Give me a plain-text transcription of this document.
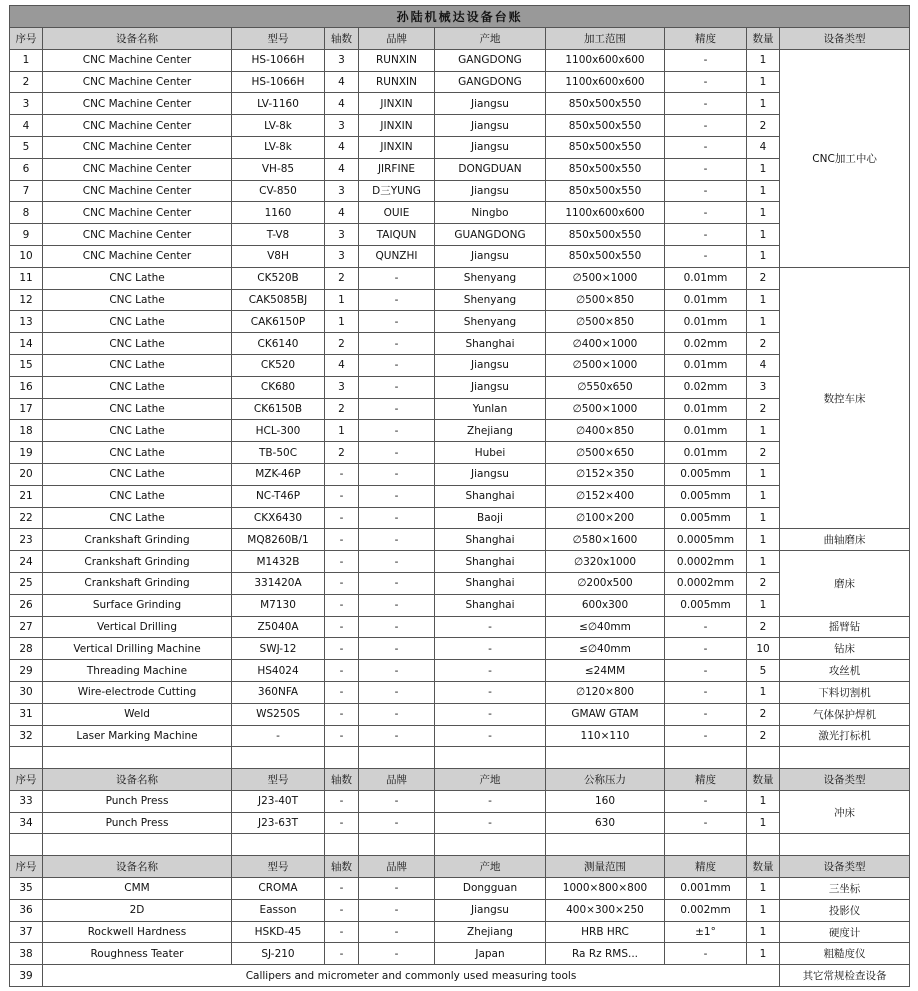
孙陆机械达设备台账									
序号	设备名称	型号	轴数	品牌	产地	加工范围	精度	数量	设备类型
1	CNC Machine Center	HS-1066H	3	RUNXIN	GANGDONG	1100x600x600	-	1	CNC加工中心
2	CNC Machine Center	HS-1066H	4	RUNXIN	GANGDONG	1100x600x600	-	1	
3	CNC Machine Center	LV-1160	4	JINXIN	Jiangsu	850x500x550	-	1	
4	CNC Machine Center	LV-8k	3	JINXIN	Jiangsu	850x500x550	-	2	
5	CNC Machine Center	LV-8k	4	JINXIN	Jiangsu	850x500x550	-	4	
6	CNC Machine Center	VH-85	4	JIRFINE	DONGDUAN	850x500x550	-	1	
7	CNC Machine Center	CV-850	3	D三YUNG	Jiangsu	850x500x550	-	1	
8	CNC Machine Center	1160	4	OUIE	Ningbo	1100x600x600	-	1	
9	CNC Machine Center	T-V8	3	TAIQUN	GUANGDONG	850x500x550	-	1	
10	CNC Machine Center	V8H	3	QUNZHI	Jiangsu	850x500x550	-	1	
11	CNC Lathe	CK520B	2	-	Shenyang	∅500×1000	0.01mm	2	数控车床
12	CNC Lathe	CAK5085BJ	1	-	Shenyang	∅500×850	0.01mm	1	
13	CNC Lathe	CAK6150P	1	-	Shenyang	∅500×850	0.01mm	1	
14	CNC Lathe	CK6140	2	-	Shanghai	∅400×1000	0.02mm	2	
15	CNC Lathe	CK520	4	-	Jiangsu	∅500×1000	0.01mm	4	
16	CNC Lathe	CK680	3	-	Jiangsu	∅550x650	0.02mm	3	
17	CNC Lathe	CK6150B	2	-	Yunlan	∅500×1000	0.01mm	2	
18	CNC Lathe	HCL-300	1	-	Zhejiang	∅400×850	0.01mm	1	
19	CNC Lathe	TB-50C	2	-	Hubei	∅500×650	0.01mm	2	
20	CNC Lathe	MZK-46P	-	-	Jiangsu	∅152×350	0.005mm	1	
21	CNC Lathe	NC-T46P	-	-	Shanghai	∅152×400	0.005mm	1	
22	CNC Lathe	CKX6430	-	-	Baoji	∅100×200	0.005mm	1	
23	Crankshaft Grinding	MQ8260B/1	-	-	Shanghai	∅580×1600	0.0005mm	1	曲轴磨床
24	Crankshaft Grinding	M1432B	-	-	Shanghai	∅320x1000	0.0002mm	1	磨床
25	Crankshaft Grinding	331420A	-	-	Shanghai	∅200x500	0.0002mm	2	
26	Surface Grinding	M7130	-	-	Shanghai	600x300	0.005mm	1	
27	Vertical Drilling	Z5040A	-	-	-	≤∅40mm	-	2	摇臂钻
28	Vertical Drilling Machine	SWJ-12	-	-	-	≤∅40mm	-	10	钻床
29	Threading Machine	HS4024	-	-	-	≤24MM	-	5	攻丝机
30	Wire-electrode Cutting	360NFA	-	-	-	∅120×800	-	1	下料切割机
31	Weld	WS250S	-	-	-	GMAW GTAM	-	2	气体保护焊机
32	Laser Marking Machine	-	-	-	-	110×110	-	2	激光打标机

序号	设备名称	型号	轴数	品牌	产地	公称压力	精度	数量	设备类型
33	Punch Press	J23-40T	-	-	-	160	-	1	冲床
34	Punch Press	J23-63T	-	-	-	630	-	1	

序号	设备名称	型号	轴数	品牌	产地	测量范围	精度	数量	设备类型
35	CMM	CROMA	-	-	Dongguan	1000×800×800	0.001mm	1	三坐标
36	2D	Easson	-	-	Jiangsu	400×300×250	0.002mm	1	投影仪
37	Rockwell Hardness	HSKD-45	-	-	Zhejiang	HRB HRC	±1°	1	硬度计
38	Roughness Teater	SJ-210	-	-	Japan	Ra Rz RMS...	-	1	粗糙度仪
39	Callipers and micrometer and commonly used measuring tools								其它常规检查设备
